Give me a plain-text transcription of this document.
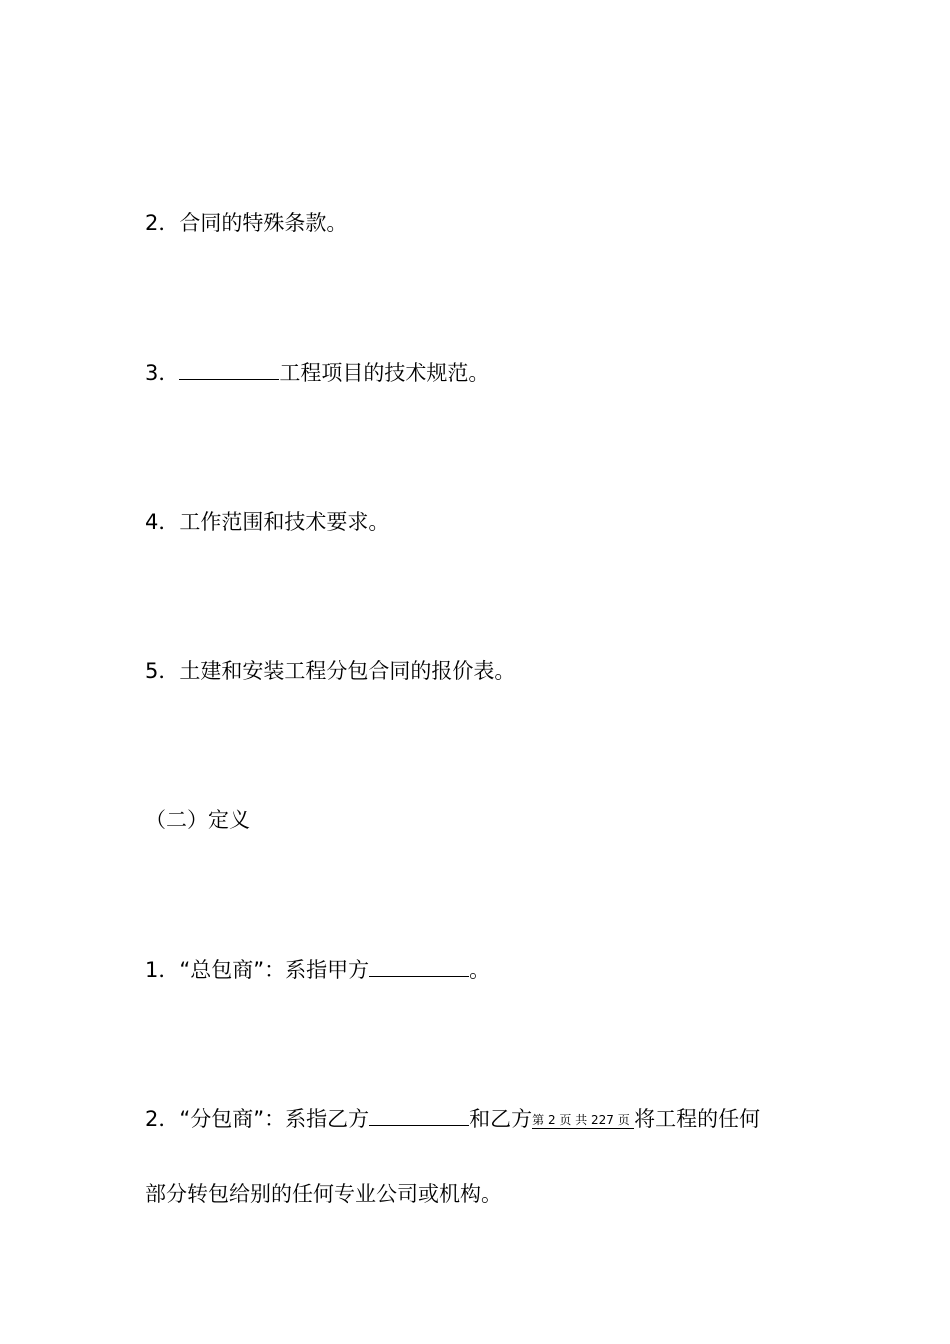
2．合同的特殊条款。
3．	工程项目的技术规范。
4．工作范围和技术要求。
5．土建和安装工程分包合同的报价表。
（二）定义
1．“总包商”：系指甲方	。
2．“分包商”：系指乙方	和乙方第 2 页 共 227 页 将工程的任何
部分转包给别的任何专业公司或机构。
